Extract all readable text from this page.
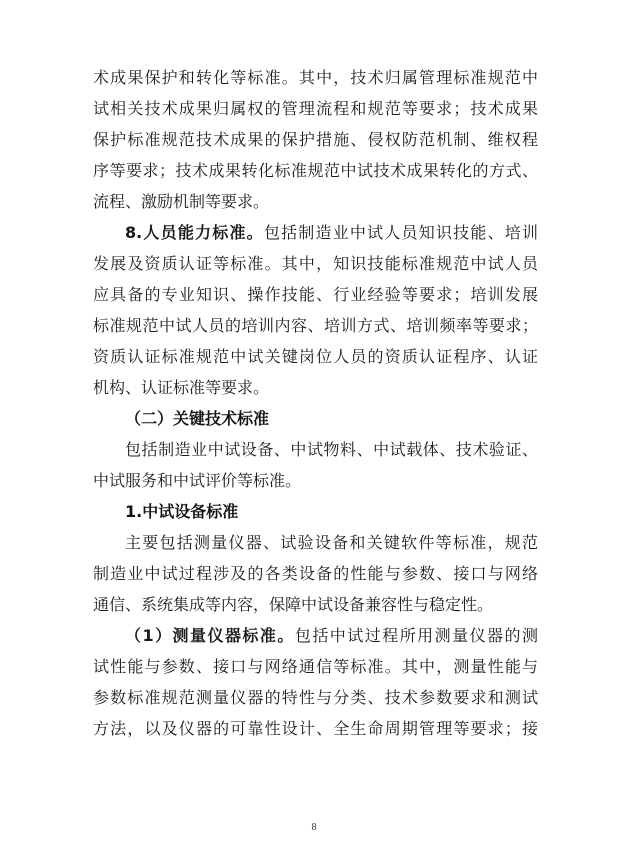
术成果保护和转化等标准。其中，技术归属管理标准规范中
试相关技术成果归属权的管理流程和规范等要求；技术成果
保护标准规范技术成果的保护措施、侵权防范机制、维权程
序等要求；技术成果转化标准规范中试技术成果转化的方式、
流程、激励机制等要求。
8.人员能力标准。包括制造业中试人员知识技能、培训
发展及资质认证等标准。其中，知识技能标准规范中试人员
应具备的专业知识、操作技能、行业经验等要求；培训发展
标准规范中试人员的培训内容、培训方式、培训频率等要求；
资质认证标准规范中试关键岗位人员的资质认证程序、认证
机构、认证标准等要求。
（二）关键技术标准
包括制造业中试设备、中试物料、中试载体、技术验证、
中试服务和中试评价等标准。
1.中试设备标准
主要包括测量仪器、试验设备和关键软件等标准，规范
制造业中试过程涉及的各类设备的性能与参数、接口与网络
通信、系统集成等内容，保障中试设备兼容性与稳定性。
（1）测量仪器标准。包括中试过程所用测量仪器的测
试性能与参数、接口与网络通信等标准。其中，测量性能与
参数标准规范测量仪器的特性与分类、技术参数要求和测试
方法，以及仪器的可靠性设计、全生命周期管理等要求；接
8
